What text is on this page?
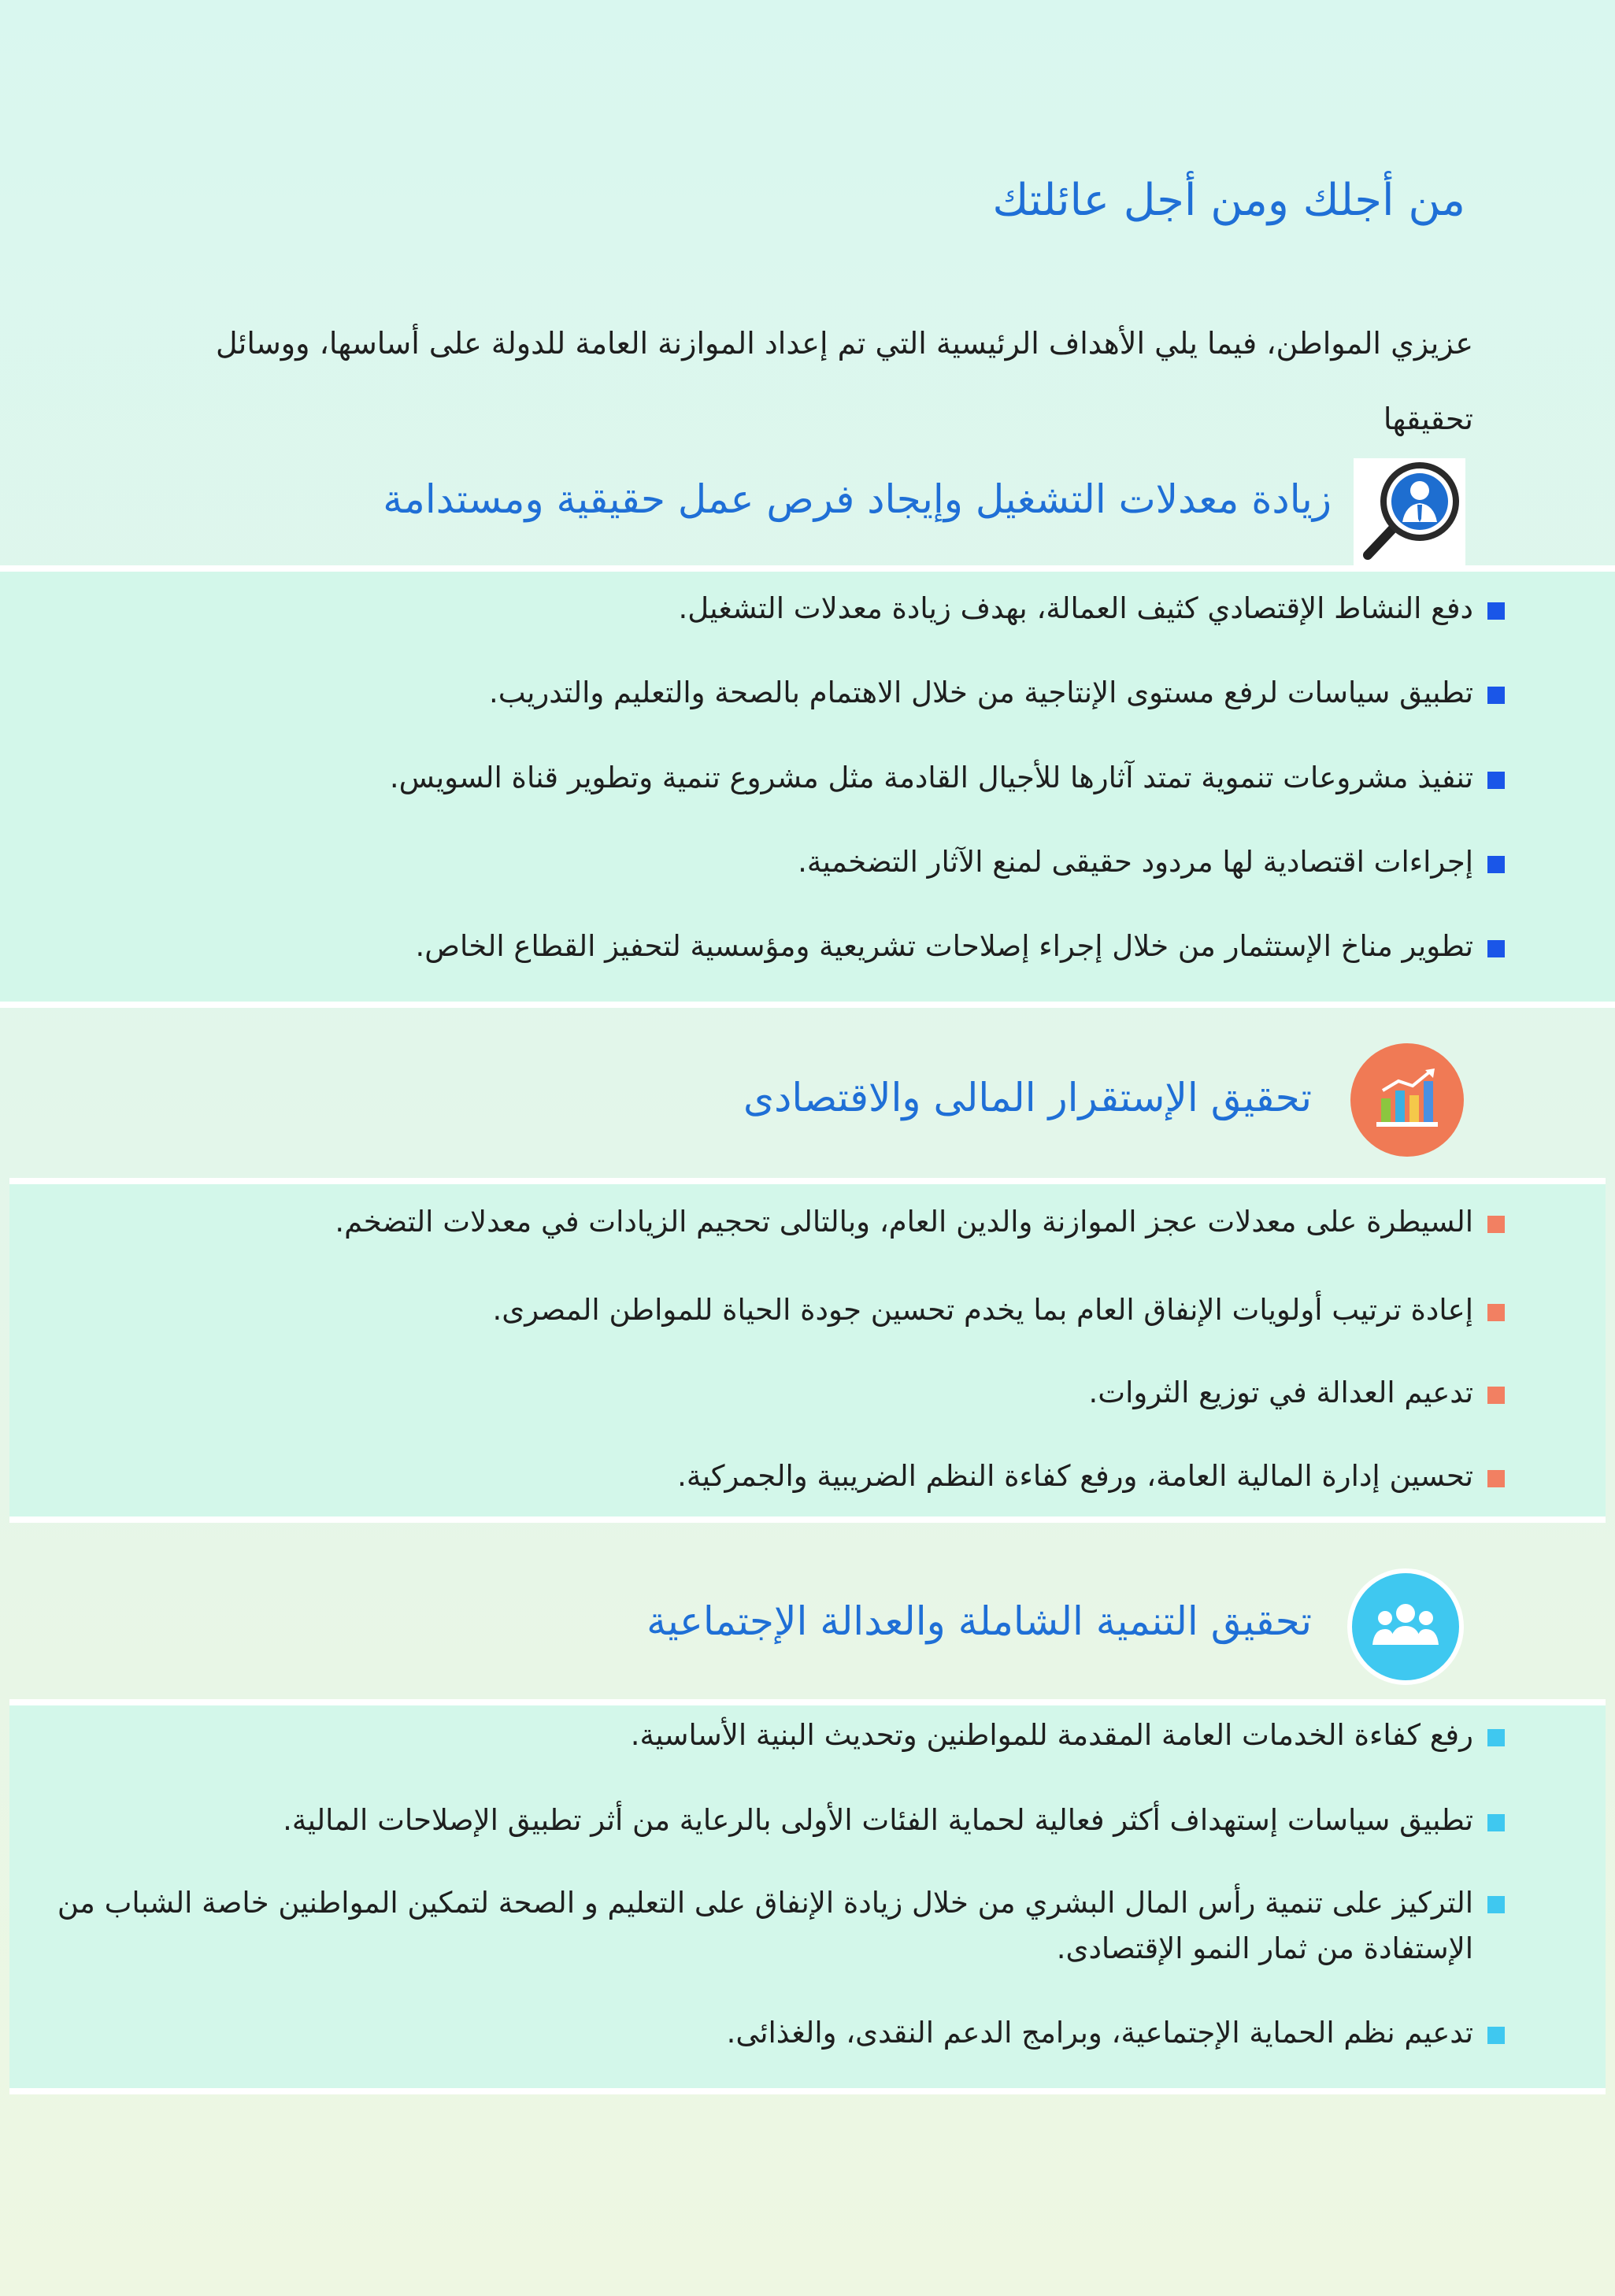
من أجلك ومن أجل عائلتك

عزيزي المواطن، فيما يلي الأهداف الرئيسية التي تم إعداد الموازنة العامة للدولة على أساسها، ووسائل تحقيقها

زيادة معدلات التشغيل وإيجاد فرص عمل حقيقية ومستدامة
دفع النشاط الإقتصادي كثيف العمالة، بهدف زيادة معدلات التشغيل.
تطبيق سياسات لرفع مستوى الإنتاجية من خلال الاهتمام بالصحة والتعليم والتدريب.
تنفيذ مشروعات تنموية تمتد آثارها للأجيال القادمة مثل مشروع تنمية وتطوير قناة السويس.
إجراءات اقتصادية لها مردود حقيقى لمنع الآثار التضخمية.
تطوير مناخ الإستثمار من خلال إجراء إصلاحات تشريعية ومؤسسية لتحفيز القطاع الخاص.
تحقيق الإستقرار المالى والاقتصادى
السيطرة على معدلات عجز الموازنة والدين العام، وبالتالى تحجيم الزيادات في معدلات التضخم.
إعادة ترتيب أولويات الإنفاق العام بما يخدم تحسين جودة الحياة للمواطن المصرى.
تدعيم العدالة في توزيع الثروات.
تحسين إدارة المالية العامة، ورفع كفاءة النظم الضريبية والجمركية.
تحقيق التنمية الشاملة والعدالة الإجتماعية
رفع كفاءة الخدمات العامة المقدمة للمواطنين وتحديث البنية الأساسية.
تطبيق سياسات إستهداف أكثر فعالية لحماية الفئات الأولى بالرعاية من أثر تطبيق الإصلاحات المالية.
التركيز على تنمية رأس المال البشري من خلال زيادة الإنفاق على التعليم و الصحة لتمكين المواطنين خاصة الشباب من الإستفادة من ثمار النمو الإقتصادى.
تدعيم نظم الحماية الإجتماعية، وبرامج الدعم النقدى، والغذائى.
